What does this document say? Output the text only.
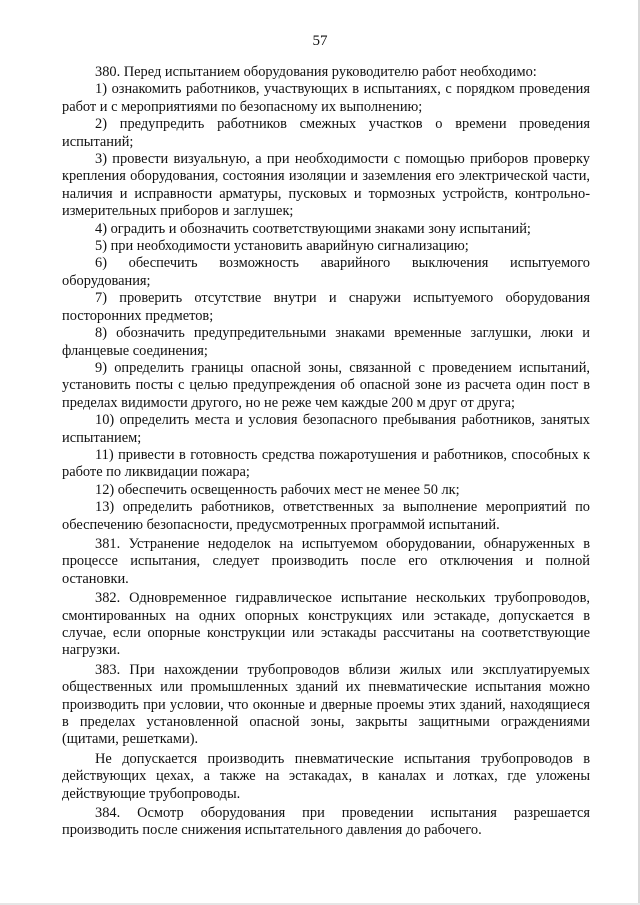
57

380. Перед испытанием оборудования руководителю работ необходимо:

1) ознакомить работников, участвующих в испытаниях, с порядком проведения работ и с мероприятиями по безопасному их выполнению;

2) предупредить работников смежных участков о времени проведения испытаний;

3) провести визуальную, а при необходимости с помощью приборов проверку крепления оборудования, состояния изоляции и заземления его электрической части, наличия и исправности арматуры, пусковых и тормозных устройств, контрольно-измерительных приборов и заглушек;

4) оградить и обозначить соответствующими знаками зону испытаний;

5) при необходимости установить аварийную сигнализацию;

6) обеспечить возможность аварийного выключения испытуемого оборудования;

7) проверить отсутствие внутри и снаружи испытуемого оборудования посторонних предметов;

8) обозначить предупредительными знаками временные заглушки, люки и фланцевые соединения;

9) определить границы опасной зоны, связанной с проведением испытаний, установить посты с целью предупреждения об опасной зоне из расчета один пост в пределах видимости другого, но не реже чем каждые 200 м друг от друга;

10) определить места и условия безопасного пребывания работников, занятых испытанием;

11) привести в готовность средства пожаротушения и работников, способных к работе по ликвидации пожара;

12) обеспечить освещенность рабочих мест не менее 50 лк;

13) определить работников, ответственных за выполнение мероприятий по обеспечению безопасности, предусмотренных программой испытаний.

381. Устранение недоделок на испытуемом оборудовании, обнаруженных в процессе испытания, следует производить после его отключения и полной остановки.

382. Одновременное гидравлическое испытание нескольких трубопроводов, смонтированных на одних опорных конструкциях или эстакаде, допускается в случае, если опорные конструкции или эстакады рассчитаны на соответствующие нагрузки.

383. При нахождении трубопроводов вблизи жилых или эксплуатируемых общественных или промышленных зданий их пневматические испытания можно производить при условии, что оконные и дверные проемы этих зданий, находящиеся в пределах установленной опасной зоны, закрыты защитными ограждениями (щитами, решетками).

Не допускается производить пневматические испытания трубопроводов в действующих цехах, а также на эстакадах, в каналах и лотках, где уложены действующие трубопроводы.

384. Осмотр оборудования при проведении испытания разрешается производить после снижения испытательного давления до рабочего.
